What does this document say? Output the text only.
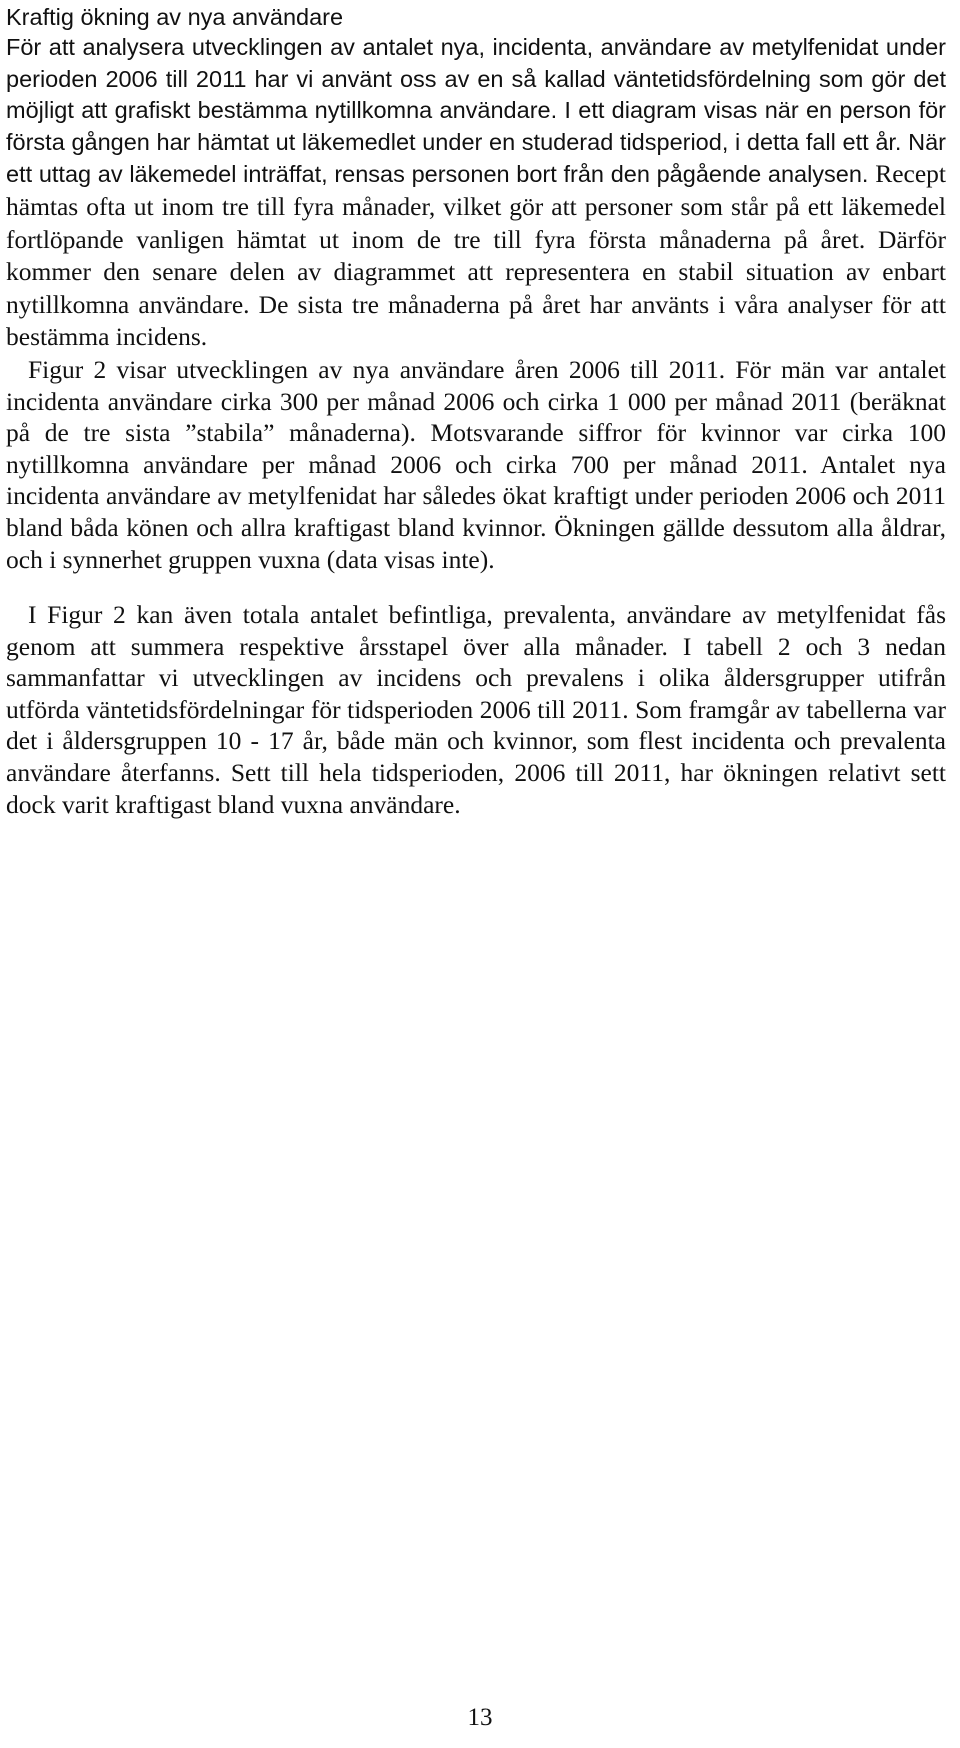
Kraftig ökning av nya användare

För att analysera utvecklingen av antalet nya, incidenta, användare av metylfenidat under perioden 2006 till 2011 har vi använt oss av en så kallad väntetidsfördelning som gör det möjligt att grafiskt bestämma nytillkomna användare. I ett diagram visas när en person för första gången har hämtat ut läkemedlet under en studerad tidsperiod, i detta fall ett år. När ett uttag av läkemedel inträffat, rensas personen bort från den pågående analysen. Recept hämtas ofta ut inom tre till fyra månader, vilket gör att personer som står på ett läkemedel fortlöpande vanligen hämtat ut inom de tre till fyra första månaderna på året. Därför kommer den senare delen av diagrammet att representera en stabil situation av enbart nytillkomna användare. De sista tre månaderna på året har använts i våra analyser för att bestämma incidens.

Figur 2 visar utvecklingen av nya användare åren 2006 till 2011. För män var antalet incidenta användare cirka 300 per månad 2006 och cirka 1 000 per månad 2011 (beräknat på de tre sista ”stabila” månaderna). Motsvarande siffror för kvinnor var cirka 100 nytillkomna användare per månad 2006 och cirka 700 per månad 2011. Antalet nya incidenta användare av metylfenidat har således ökat kraftigt under perioden 2006 och 2011 bland båda könen och allra kraftigast bland kvinnor. Ökningen gällde dessutom alla åldrar, och i synnerhet gruppen vuxna (data visas inte).

I Figur 2 kan även totala antalet befintliga, prevalenta, användare av metylfenidat fås genom att summera respektive årsstapel över alla månader. I tabell 2 och 3 nedan sammanfattar vi utvecklingen av incidens och prevalens i olika åldersgrupper utifrån utförda väntetidsfördelningar för tidsperioden 2006 till 2011. Som framgår av tabellerna var det i åldersgruppen 10 - 17 år, både män och kvinnor, som flest incidenta och prevalenta användare återfanns. Sett till hela tidsperioden, 2006 till 2011, har ökningen relativt sett dock varit kraftigast bland vuxna användare.

13
